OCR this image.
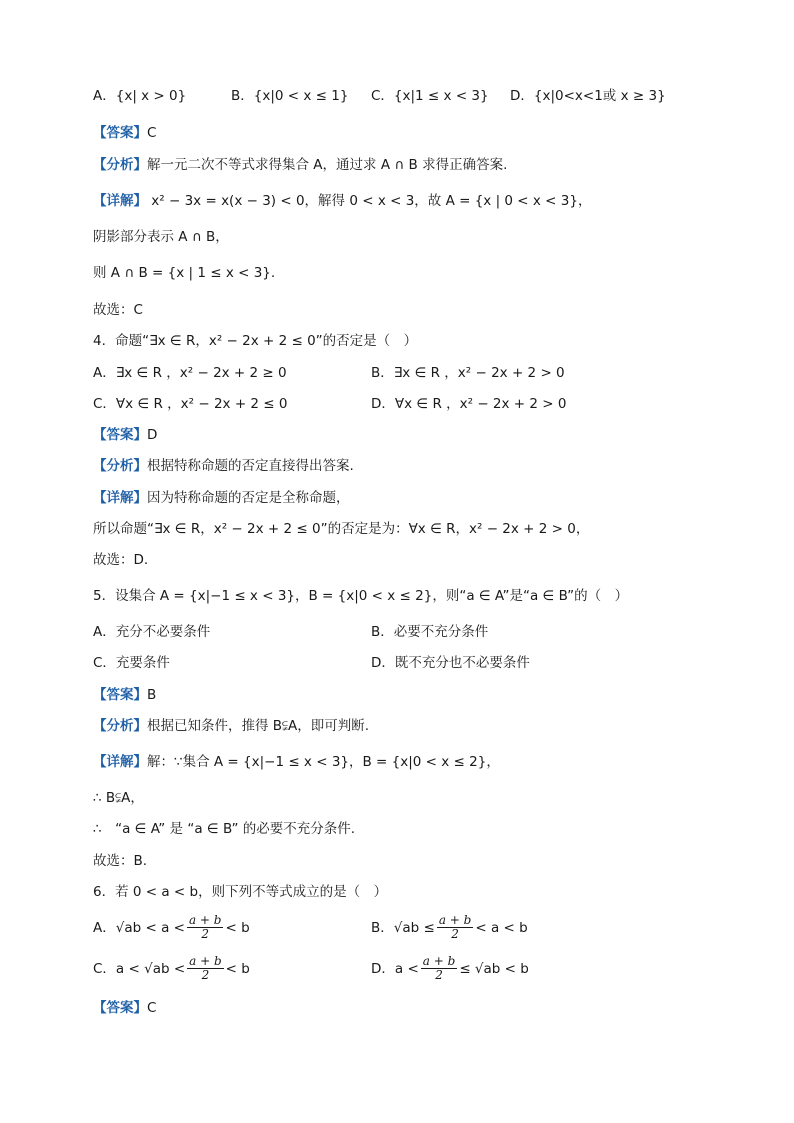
A．{x| x > 0}	B．{x|0 < x ≤ 1} C．{x|1 ≤ x < 3} D．{x|0<x<1或 x ≥ 3}
【答案】C
【分析】解一元二次不等式求得集合 A，通过求 A ∩ B 求得正确答案.
【详解】 x² − 3x = x(x − 3) < 0，解得 0 < x < 3，故 A = {x | 0 < x < 3}，
阴影部分表示 A ∩ B，
则 A ∩ B = {x | 1 ≤ x < 3}.
故选：C
4．命题“∃x ∈ R，x² − 2x + 2 ≤ 0”的否定是（　）
A．∃x ∈ R ，x² − 2x + 2 ≥ 0	B．∃x ∈ R ，x² − 2x + 2 > 0
C．∀x ∈ R ，x² − 2x + 2 ≤ 0	D．∀x ∈ R ，x² − 2x + 2 > 0
【答案】D
【分析】根据特称命题的否定直接得出答案.
【详解】因为特称命题的否定是全称命题，
所以命题“∃x ∈ R，x² − 2x + 2 ≤ 0”的否定是为：∀x ∈ R，x² − 2x + 2 > 0，
故选：D.
5．设集合 A = {x|−1 ≤ x < 3}，B = {x|0 < x ≤ 2}，则“a ∈ A”是“a ∈ B”的（　）
A．充分不必要条件	B．必要不充分条件
C．充要条件	D．既不充分也不必要条件
【答案】B
【分析】根据已知条件，推得 B⫋A，即可判断.
【详解】解：∵集合 A = {x|−1 ≤ x < 3}，B = {x|0 < x ≤ 2}，
∴ B⫋A，
∴　“a ∈ A” 是 “a ∈ B” 的必要不充分条件.
故选：B.
6．若 0 < a < b，则下列不等式成立的是（　）
A．$√ab < a < \frac{a + b}{2} < b$	B．$√ab \le \frac{a + b}{2} < a < b$
C．$a < √ab < \frac{a + b}{2} < b$	D．$a < \frac{a + b}{2} \le √ab < b$
【答案】C
